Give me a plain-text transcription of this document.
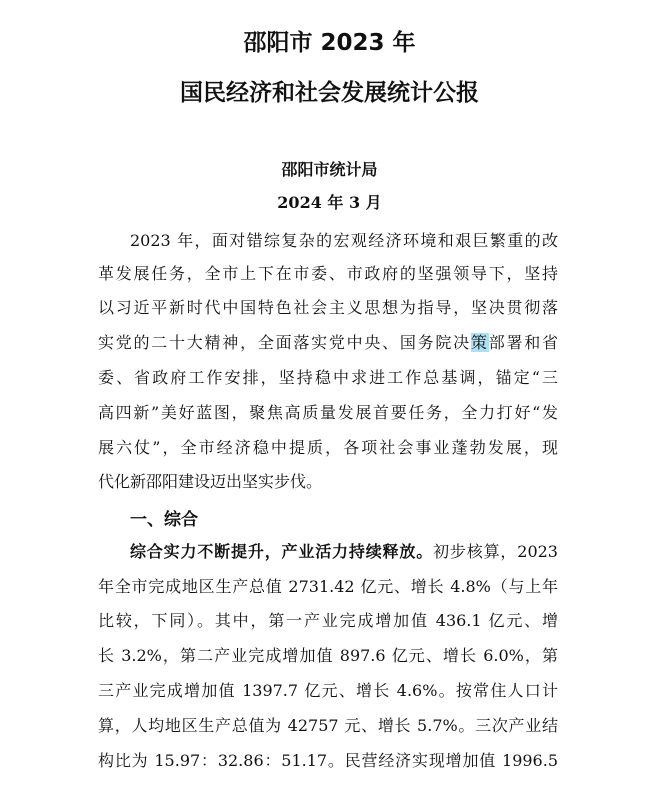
邵阳市 2023 年
国民经济和社会发展统计公报
邵阳市统计局
2024 年 3 月
2023 年，面对错综复杂的宏观经济环境和艰巨繁重的改
革发展任务，全市上下在市委、市政府的坚强领导下，坚持
以习近平新时代中国特色社会主义思想为指导，坚决贯彻落
实党的二十大精神，全面落实党中央、国务院决策部署和省
委、省政府工作安排，坚持稳中求进工作总基调，锚定“三
高四新”美好蓝图，聚焦高质量发展首要任务，全力打好“发
展六仗”，全市经济稳中提质，各项社会事业蓬勃发展，现
代化新邵阳建设迈出坚实步伐。
一、综合
综合实力不断提升，产业活力持续释放。初步核算，2023
年全市完成地区生产总值 2731.42 亿元、增长 4.8%（与上年
比较，下同）。其中，第一产业完成增加值 436.1 亿元、增
长 3.2%，第二产业完成增加值 897.6 亿元、增长 6.0%，第
三产业完成增加值 1397.7 亿元、增长 4.6%。按常住人口计
算，人均地区生产总值为 42757 元、增长 5.7%。三次产业结
构比为 15.97：32.86：51.17。民营经济实现增加值 1996.5
